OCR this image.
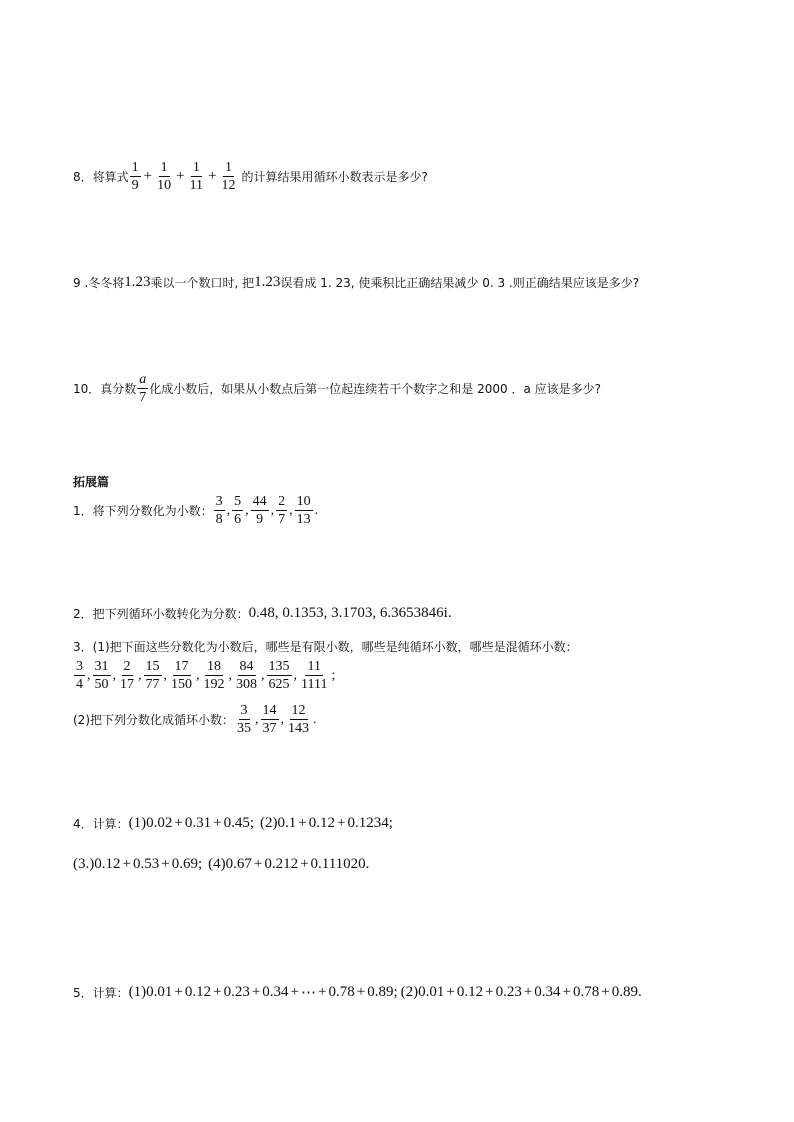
8．将算式 $\frac{1}{9} + \frac{1}{10} + \frac{1}{11} + \frac{1}{12}$ 的计算结果用循环小数表示是多少?
9 .冬冬将 1.23 乘以一个数口时, 把 1.23 误看成 1. 23, 使乘积比正确结果减少 0. 3 .则正确结果应该是多少?
10．真分数 $\frac{a}{7}$ 化成小数后，如果从小数点后第一位起连续若干个数字之和是 2000 ．a 应该是多少?
拓展篇
1．将下列分数化为小数： $\frac{3}{8}$ , $\frac{5}{6}$ , $\frac{44}{9}$ , $\frac{2}{7}$ , $\frac{10}{13}$ .
2．把下列循环小数转化为分数： 0.48 , 0.1353 , 3.1703 , 6.3653846i .
3．(1)把下面这些分数化为小数后，哪些是有限小数，哪些是纯循环小数，哪些是混循环小数：
$\frac{3}{4}$ , $\frac{31}{50}$ , $\frac{2}{17}$ , $\frac{15}{77}$ , $\frac{17}{150}$ , $\frac{18}{192}$ , $\frac{84}{308}$ , $\frac{135}{625}$ , $\frac{11}{1111}$ ;
(2)把下列分数化成循环小数： $\frac{3}{35}$ , $\frac{14}{37}$ , $\frac{12}{143}$ .
4．计算： (1)0.02 + 0.31 + 0.45; (2)0.1 + 0.12 + 0.1234;
(3.)0.12 + 0.53 + 0.69; (4)0.67 + 0.212 + 0.111020.
5．计算： (1)0.01 + 0.12 + 0.23 + 0.34 + ⋯ + 0.78 + 0.89; (2)0.01 + 0.12 + 0.23 + 0.34 + 0.78 + 0.89.
